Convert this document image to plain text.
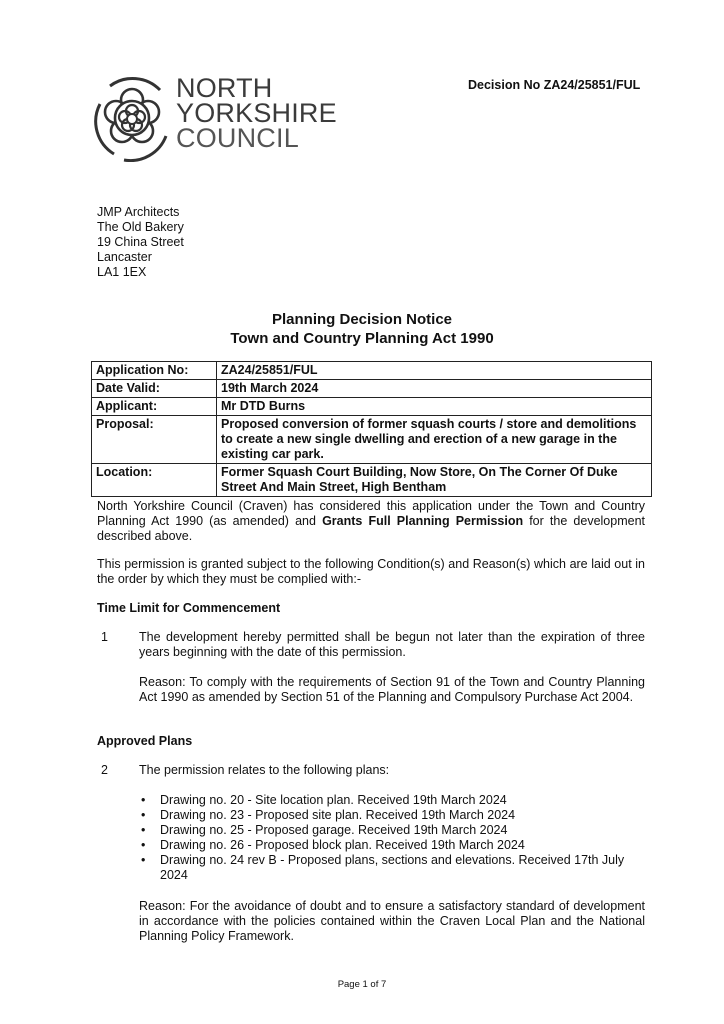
NORTH
YORKSHIRE
COUNCIL
Decision No ZA24/25851/FUL
JMP Architects
The Old Bakery
19 China Street
Lancaster
LA1 1EX
Planning Decision Notice
Town and Country Planning Act 1990
Application No:	ZA24/25851/FUL
Date Valid:	19th March 2024
Applicant:	Mr DTD Burns
Proposal:	Proposed conversion of former squash courts / store and demolitions to create a new single dwelling and erection of a new garage in the existing car park.
Location:	Former Squash Court Building, Now Store, On The Corner Of Duke Street And Main Street, High Bentham
North Yorkshire Council (Craven) has considered this application under the Town and Country Planning Act 1990 (as amended) and Grants Full Planning Permission for the development described above.
This permission is granted subject to the following Condition(s) and Reason(s) which are laid out in the order by which they must be complied with:-
Time Limit for Commencement
1 The development hereby permitted shall be begun not later than the expiration of three years beginning with the date of this permission.
Reason: To comply with the requirements of Section 91 of the Town and Country Planning Act 1990 as amended by Section 51 of the Planning and Compulsory Purchase Act 2004.
Approved Plans
2 The permission relates to the following plans:
• Drawing no. 20 - Site location plan. Received 19th March 2024
• Drawing no. 23 - Proposed site plan. Received 19th March 2024
• Drawing no. 25 - Proposed garage. Received 19th March 2024
• Drawing no. 26 - Proposed block plan. Received 19th March 2024
• Drawing no. 24 rev B - Proposed plans, sections and elevations. Received 17th July 2024
Reason: For the avoidance of doubt and to ensure a satisfactory standard of development in accordance with the policies contained within the Craven Local Plan and the National Planning Policy Framework.
Page 1 of 7
